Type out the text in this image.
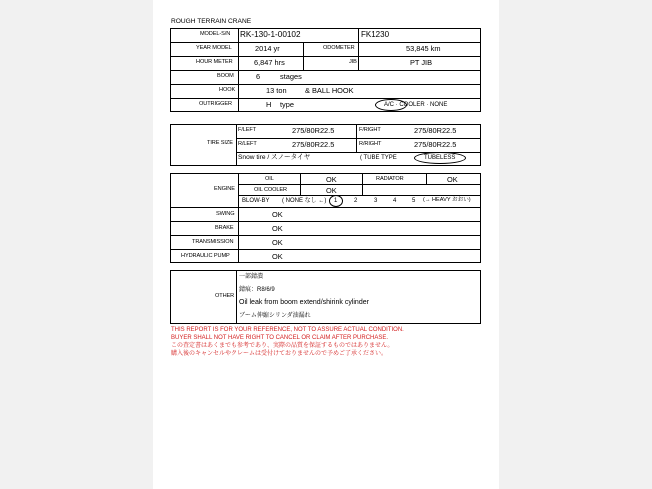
ROUGH TERRAIN CRANE
MODEL-S/N RK-130-1-00102	FK1230
YEAR MODEL	2014 yr	ODOMETER	53,845 km
HOUR METER	6,847 hrs	JIB	PT JIB
BOOM	6	stages
HOOK	13 ton & BALL HOOK
OUTRIGGER	H type	A/C · COOLER · NONE
TIRE SIZE
F/LEFT	275/80R22.5	F/RIGHT	275/80R22.5
R/LEFT	275/80R22.5	R/RIGHT	275/80R22.5
Snow tire / スノータイヤ	( TUBE TYPE	TUBELESS
ENGINE
OIL	OK	RADIATOR	OK
OIL COOLER	OK
BLOW-BY ( NONE なし ←) 1	2	3	4	5 (→ HEAVY おおい)
SWING	OK
BRAKE	OK
TRANSMISSION	OK
HYDRAULIC PUMP	OK
OTHER
一部錆潰
錆痕：R8/6/9
Oil leak from boom extend/shirink cylinder
ブーム伸縮シリンダ油漏れ
THIS REPORT IS FOR YOUR REFERENCE, NOT TO ASSURE ACTUAL CONDITION.
BUYER SHALL NOT HAVE RIGHT TO CANCEL OR CLAIM AFTER PURCHASE.
この査定書はあくまでも参考であり、実際の品質を保証するものではありません。
購入後のキャンセルやクレームは受付けておりませんので予めご了承ください。
